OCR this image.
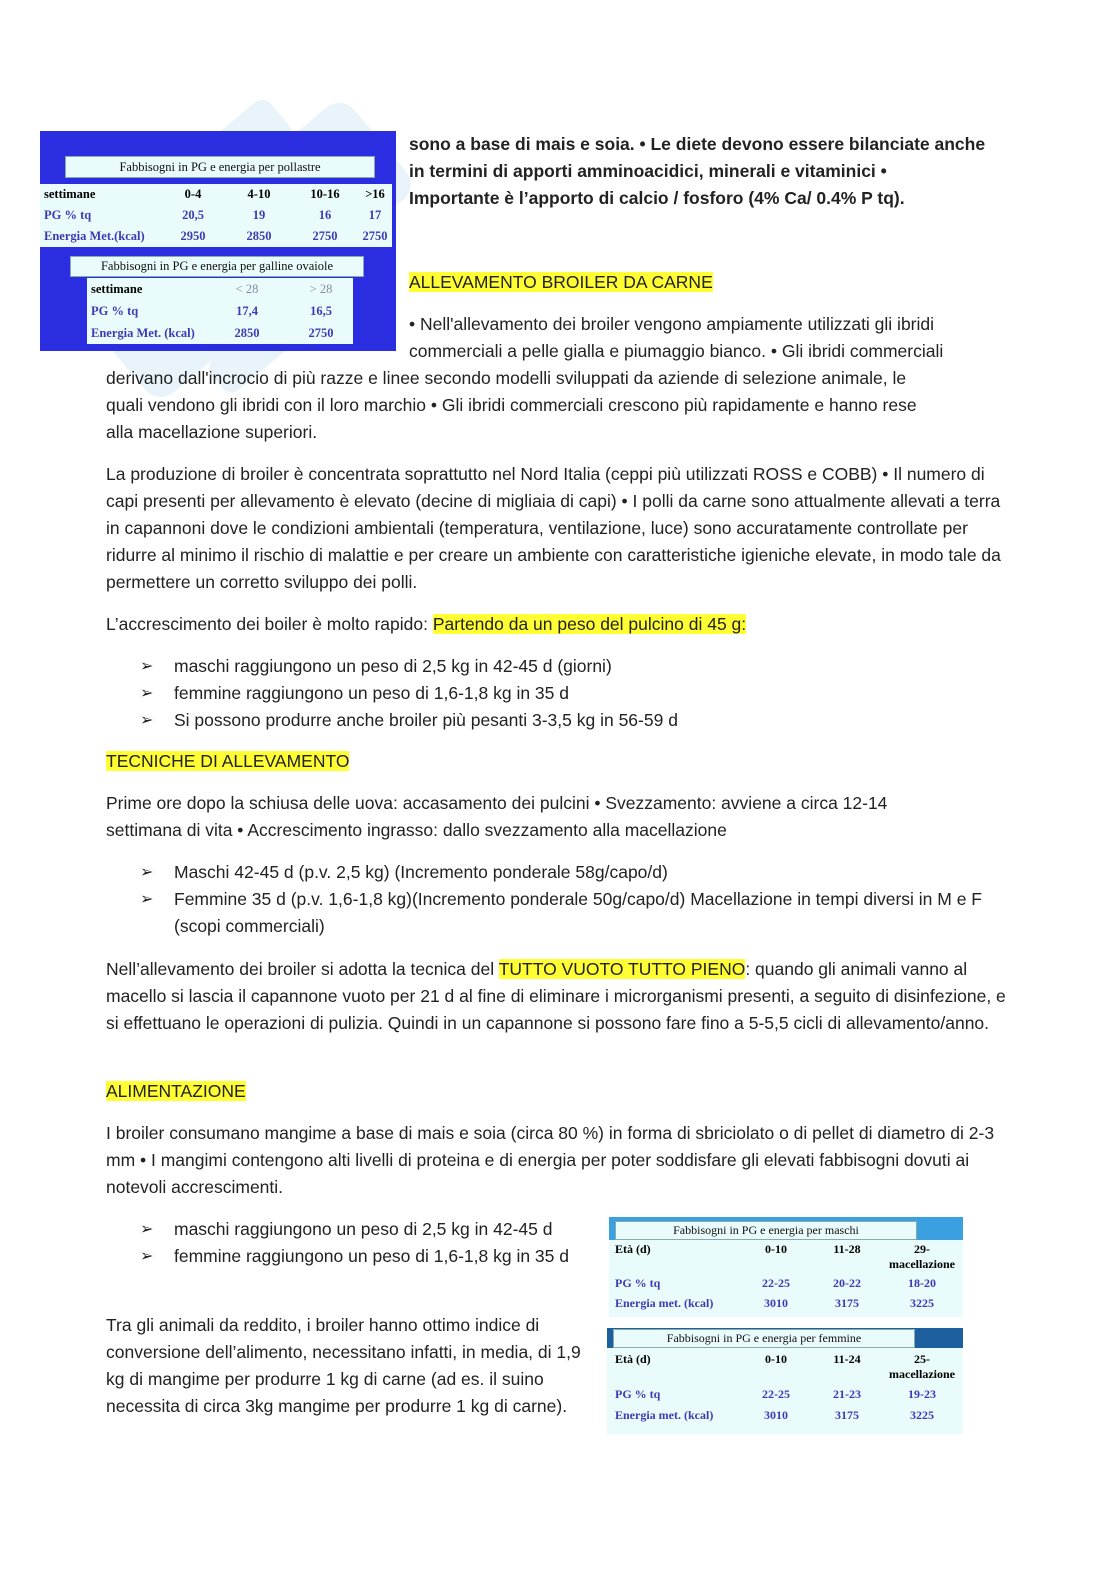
Fabbisogni in PG e energia per pollastre
settimane	0-4	4-10	10-16	>16
PG % tq	20,5	19	16	17
Energia Met.(kcal)	2950	2850	2750	2750
Fabbisogni in PG e energia per galline ovaiole
settimane	< 28	> 28
PG % tq	17,4	16,5
Energia Met. (kcal)	2850	2750
sono a base di mais e soia. • Le diete devono essere bilanciate anche
in termini di apporti amminoacidici, minerali e vitaminici •
Importante è l’apporto di calcio / fosforo (4% Ca/ 0.4% P tq).
ALLEVAMENTO BROILER DA CARNE
• Nell'allevamento dei broiler vengono ampiamente utilizzati gli ibridi
commerciali a pelle gialla e piumaggio bianco. • Gli ibridi commerciali
derivano dall'incrocio di più razze e linee secondo modelli sviluppati da aziende di selezione animale, le
quali vendono gli ibridi con il loro marchio • Gli ibridi commerciali crescono più rapidamente e hanno rese
alla macellazione superiori.
La produzione di broiler è concentrata soprattutto nel Nord Italia (ceppi più utilizzati ROSS e COBB) • Il numero di capi presenti per allevamento è elevato (decine di migliaia di capi) • I polli da carne sono attualmente allevati a terra in capannoni dove le condizioni ambientali (temperatura, ventilazione, luce) sono accuratamente controllate per ridurre al minimo il rischio di malattie e per creare un ambiente con caratteristiche igieniche elevate, in modo tale da permettere un corretto sviluppo dei polli.
L’accrescimento dei boiler è molto rapido: Partendo da un peso del pulcino di 45 g:
➢ maschi raggiungono un peso di 2,5 kg in 42-45 d (giorni)
➢ femmine raggiungono un peso di 1,6-1,8 kg in 35 d
➢ Si possono produrre anche broiler più pesanti 3-3,5 kg in 56-59 d
TECNICHE DI ALLEVAMENTO
Prime ore dopo la schiusa delle uova: accasamento dei pulcini • Svezzamento: avviene a circa 12-14 settimana di vita • Accrescimento ingrasso: dallo svezzamento alla macellazione
➢ Maschi 42-45 d (p.v. 2,5 kg) (Incremento ponderale 58g/capo/d)
➢ Femmine 35 d (p.v. 1,6-1,8 kg)(Incremento ponderale 50g/capo/d) Macellazione in tempi diversi in M e F (scopi commerciali)
Nell’allevamento dei broiler si adotta la tecnica del TUTTO VUOTO TUTTO PIENO: quando gli animali vanno al macello si lascia il capannone vuoto per 21 d al fine di eliminare i microrganismi presenti, a seguito di disinfezione, e si effettuano le operazioni di pulizia. Quindi in un capannone si possono fare fino a 5-5,5 cicli di allevamento/anno.
ALIMENTAZIONE
I broiler consumano mangime a base di mais e soia (circa 80 %) in forma di sbriciolato o di pellet di diametro di 2-3 mm • I mangimi contengono alti livelli di proteina e di energia per poter soddisfare gli elevati fabbisogni dovuti ai notevoli accrescimenti.
➢ maschi raggiungono un peso di 2,5 kg in 42-45 d
➢ femmine raggiungono un peso di 1,6-1,8 kg in 35 d
Tra gli animali da reddito, i broiler hanno ottimo indice di conversione dell’alimento, necessitano infatti, in media, di 1,9 kg di mangime per produrre 1 kg di carne (ad es. il suino necessita di circa 3kg mangime per produrre 1 kg di carne).
Fabbisogni in PG e energia per maschi
Età (d)	0-10	11-28	29-
macellazione
PG % tq	22-25	20-22	18-20
Energia met. (kcal)	3010	3175	3225
Fabbisogni in PG e energia per femmine
Età (d)	0-10	11-24	25-
macellazione
PG % tq	22-25	21-23	19-23
Energia met. (kcal)	3010	3175	3225
